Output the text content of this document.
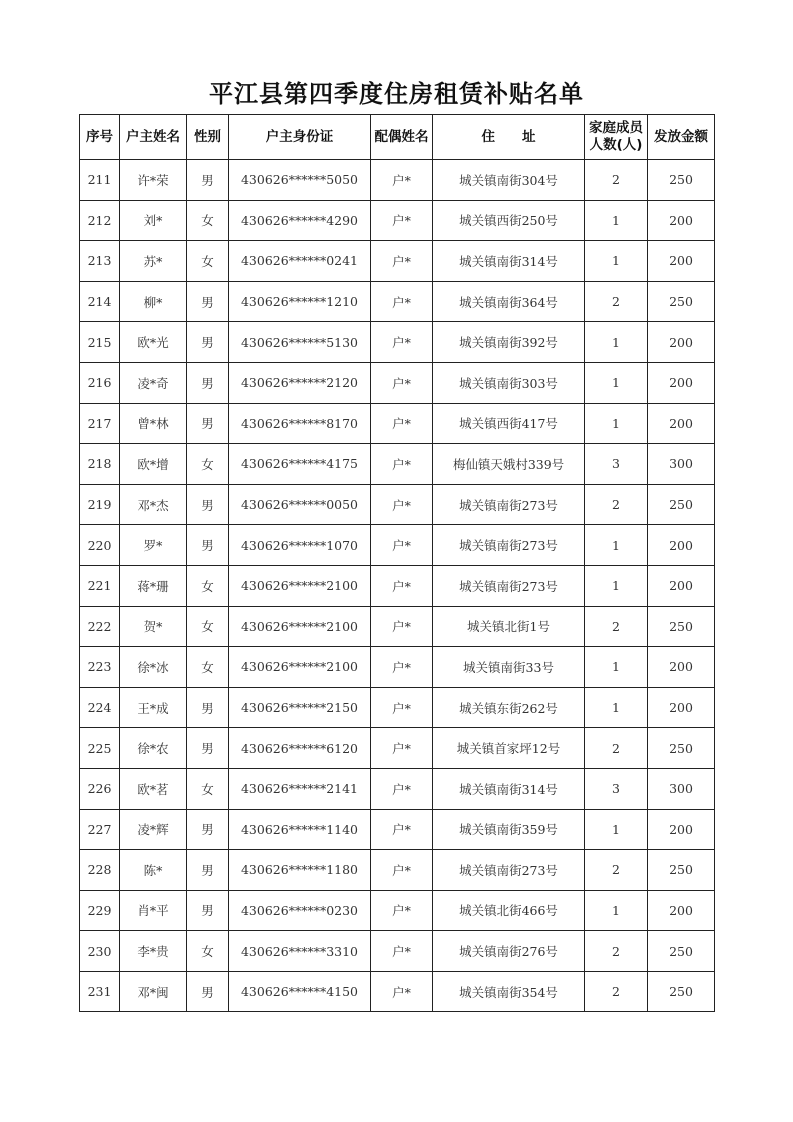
平江县第四季度住房租赁补贴名单
序号	户主姓名	性别	户主身份证	配偶姓名	住　　址	家庭成员人数(人)	发放金额
211	许*荣	男	430626******5050	户*	城关镇南街304号	2	250
212	刘*	女	430626******4290	户*	城关镇西街250号	1	200
213	苏*	女	430626******0241	户*	城关镇南街314号	1	200
214	柳*	男	430626******1210	户*	城关镇南街364号	2	250
215	欧*光	男	430626******5130	户*	城关镇南街392号	1	200
216	凌*奇	男	430626******2120	户*	城关镇南街303号	1	200
217	曾*林	男	430626******8170	户*	城关镇西街417号	1	200
218	欧*增	女	430626******4175	户*	梅仙镇天娥村339号	3	300
219	邓*杰	男	430626******0050	户*	城关镇南街273号	2	250
220	罗*	男	430626******1070	户*	城关镇南街273号	1	200
221	蒋*珊	女	430626******2100	户*	城关镇南街273号	1	200
222	贺*	女	430626******2100	户*	城关镇北街1号	2	250
223	徐*冰	女	430626******2100	户*	城关镇南街33号	1	200
224	王*成	男	430626******2150	户*	城关镇东街262号	1	200
225	徐*农	男	430626******6120	户*	城关镇首家坪12号	2	250
226	欧*茗	女	430626******2141	户*	城关镇南街314号	3	300
227	凌*辉	男	430626******1140	户*	城关镇南街359号	1	200
228	陈*	男	430626******1180	户*	城关镇南街273号	2	250
229	肖*平	男	430626******0230	户*	城关镇北街466号	1	200
230	李*贵	女	430626******3310	户*	城关镇南街276号	2	250
231	邓*闽	男	430626******4150	户*	城关镇南街354号	2	250
